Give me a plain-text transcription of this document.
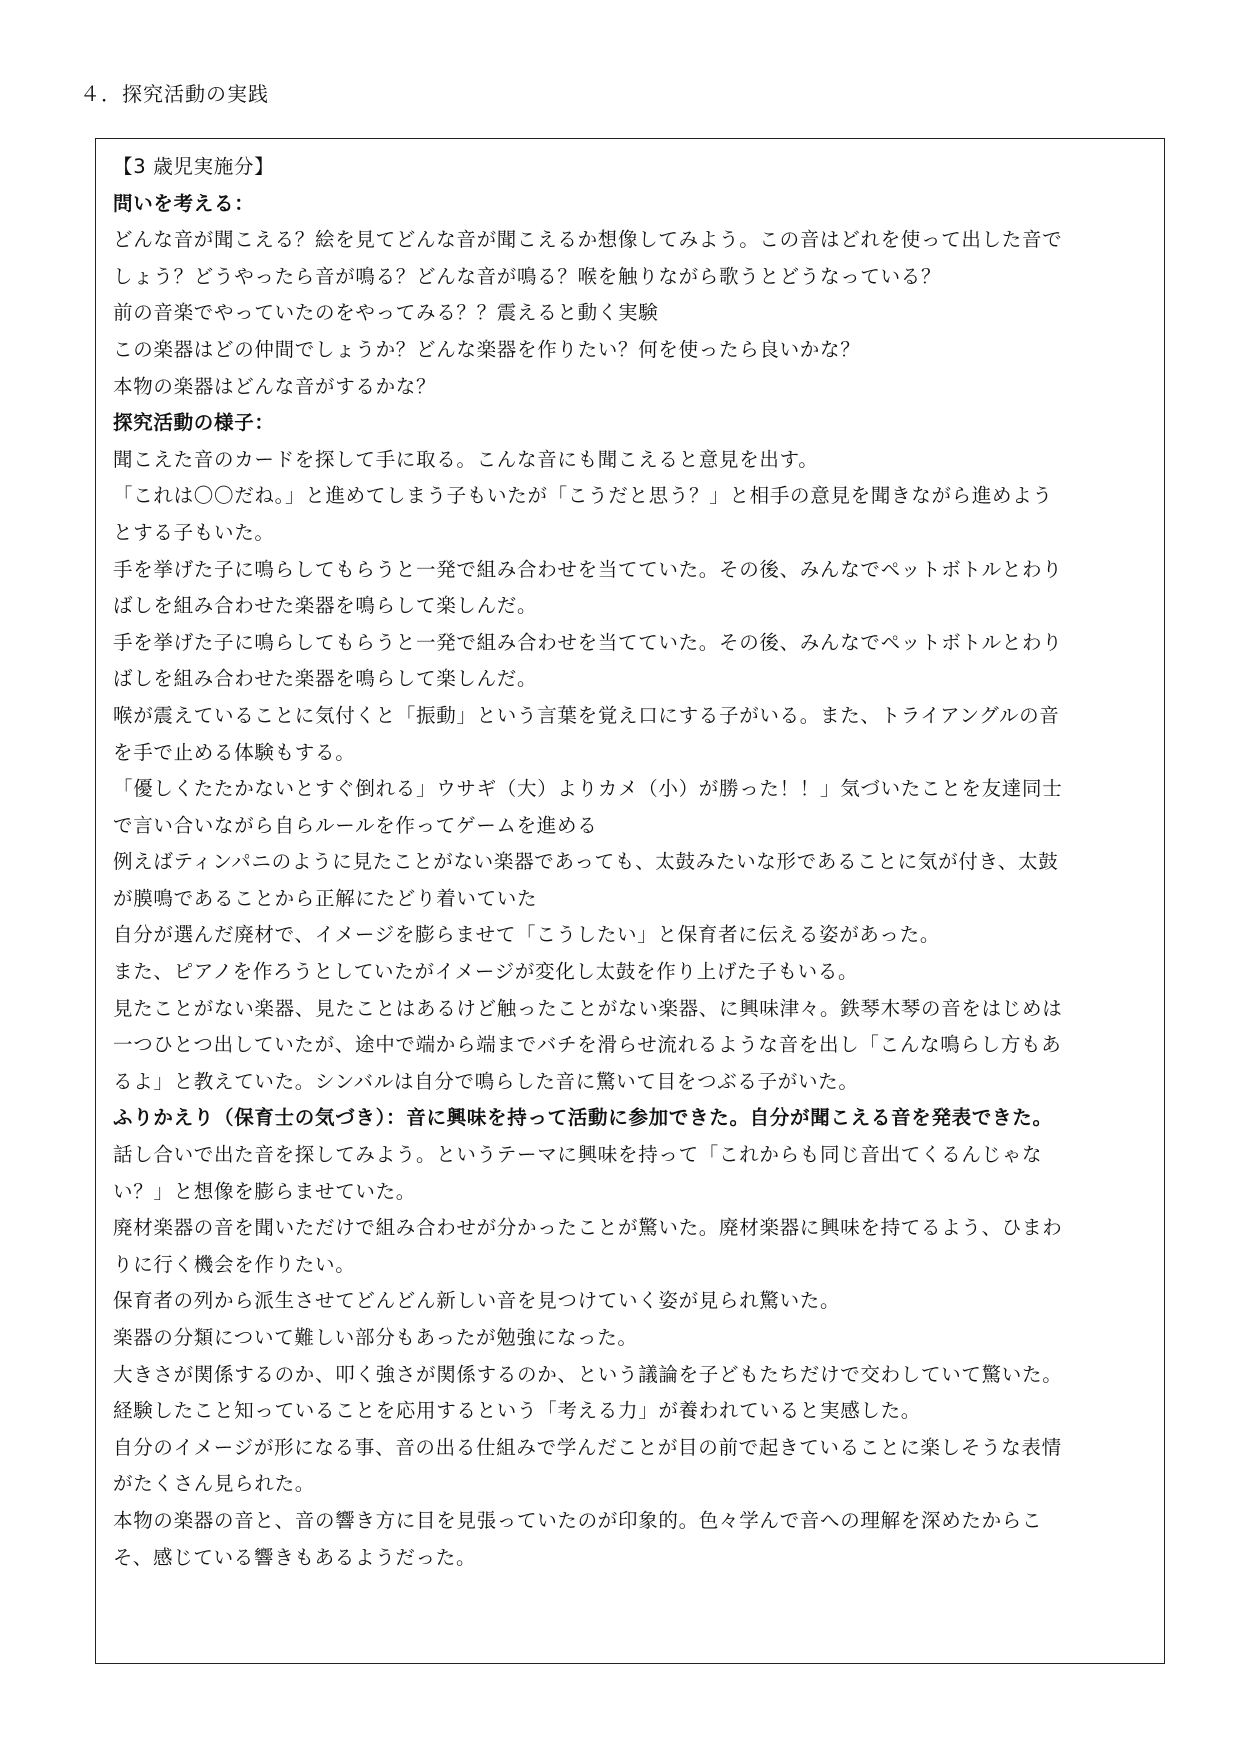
４．探究活動の実践
【3 歳児実施分】
問いを考える：
どんな音が聞こえる？絵を見てどんな音が聞こえるか想像してみよう。この音はどれを使って出した音で
しょう？どうやったら音が鳴る？どんな音が鳴る？喉を触りながら歌うとどうなっている？
前の音楽でやっていたのをやってみる？？震えると動く実験
この楽器はどの仲間でしょうか？どんな楽器を作りたい？何を使ったら良いかな？
本物の楽器はどんな音がするかな？
探究活動の様子：
聞こえた音のカードを探して手に取る。こんな音にも聞こえると意見を出す。
「これは〇〇だね。」と進めてしまう子もいたが「こうだと思う？」と相手の意見を聞きながら進めよう
とする子もいた。
手を挙げた子に鳴らしてもらうと一発で組み合わせを当てていた。その後、みんなでペットボトルとわり
ばしを組み合わせた楽器を鳴らして楽しんだ。
手を挙げた子に鳴らしてもらうと一発で組み合わせを当てていた。その後、みんなでペットボトルとわり
ばしを組み合わせた楽器を鳴らして楽しんだ。
喉が震えていることに気付くと「振動」という言葉を覚え口にする子がいる。また、トライアングルの音
を手で止める体験もする。
「優しくたたかないとすぐ倒れる」ウサギ（大）よりカメ（小）が勝った！！」気づいたことを友達同士
で言い合いながら自らルールを作ってゲームを進める
例えばティンパニのように見たことがない楽器であっても、太鼓みたいな形であることに気が付き、太鼓
が膜鳴であることから正解にたどり着いていた
自分が選んだ廃材で、イメージを膨らませて「こうしたい」と保育者に伝える姿があった。
また、ピアノを作ろうとしていたがイメージが変化し太鼓を作り上げた子もいる。
見たことがない楽器、見たことはあるけど触ったことがない楽器、に興味津々。鉄琴木琴の音をはじめは
一つひとつ出していたが、途中で端から端までバチを滑らせ流れるような音を出し「こんな鳴らし方もあ
るよ」と教えていた。シンバルは自分で鳴らした音に驚いて目をつぶる子がいた。
ふりかえり（保育士の気づき）：音に興味を持って活動に参加できた。自分が聞こえる音を発表できた。
話し合いで出た音を探してみよう。というテーマに興味を持って「これからも同じ音出てくるんじゃな
い？」と想像を膨らませていた。
廃材楽器の音を聞いただけで組み合わせが分かったことが驚いた。廃材楽器に興味を持てるよう、ひまわ
りに行く機会を作りたい。
保育者の列から派生させてどんどん新しい音を見つけていく姿が見られ驚いた。
楽器の分類について難しい部分もあったが勉強になった。
大きさが関係するのか、叩く強さが関係するのか、という議論を子どもたちだけで交わしていて驚いた。
経験したこと知っていることを応用するという「考える力」が養われていると実感した。
自分のイメージが形になる事、音の出る仕組みで学んだことが目の前で起きていることに楽しそうな表情
がたくさん見られた。
本物の楽器の音と、音の響き方に目を見張っていたのが印象的。色々学んで音への理解を深めたからこ
そ、感じている響きもあるようだった。
